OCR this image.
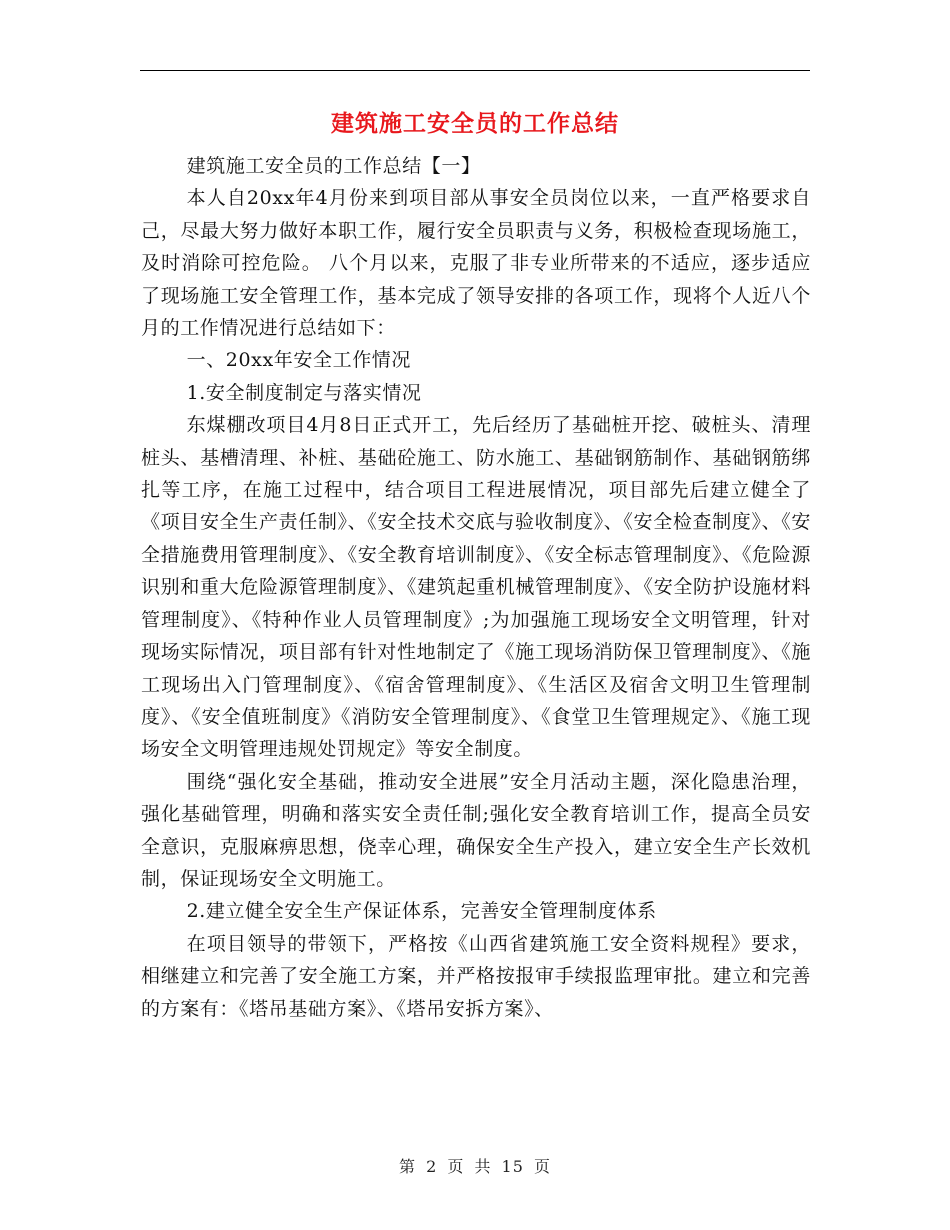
建筑施工安全员的工作总结

建筑施工安全员的工作总结【一】

本人自20xx年4月份来到项目部从事安全员岗位以来，一直严格要求自己，尽最大努力做好本职工作，履行安全员职责与义务，积极检查现场施工，及时消除可控危险。 八个月以来，克服了非专业所带来的不适应，逐步适应了现场施工安全管理工作，基本完成了领导安排的各项工作，现将个人近八个月的工作情况进行总结如下：

一、20xx年安全工作情况

1.安全制度制定与落实情况

东煤棚改项目4月8日正式开工，先后经历了基础桩开挖、破桩头、清理桩头、基槽清理、补桩、基础砼施工、防水施工、基础钢筋制作、基础钢筋绑扎等工序，在施工过程中，结合项目工程进展情况，项目部先后建立健全了《项目安全生产责任制》、《安全技术交底与验收制度》、《安全检查制度》、《安全措施费用管理制度》、《安全教育培训制度》、《安全标志管理制度》、《危险源识别和重大危险源管理制度》、《建筑起重机械管理制度》、《安全防护设施材料管理制度》、《特种作业人员管理制度》;为加强施工现场安全文明管理，针对现场实际情况，项目部有针对性地制定了《施工现场消防保卫管理制度》、《施工现场出入门管理制度》、《宿舍管理制度》、《生活区及宿舍文明卫生管理制度》、《安全值班制度》《消防安全管理制度》、《食堂卫生管理规定》、《施工现场安全文明管理违规处罚规定》等安全制度。

围绕“强化安全基础，推动安全进展”安全月活动主题，深化隐患治理，强化基础管理，明确和落实安全责任制;强化安全教育培训工作，提高全员安全意识，克服麻痹思想，侥幸心理，确保安全生产投入，建立安全生产长效机制，保证现场安全文明施工。

2.建立健全安全生产保证体系，完善安全管理制度体系

在项目领导的带领下，严格按《山西省建筑施工安全资料规程》要求，相继建立和完善了安全施工方案，并严格按报审手续报监理审批。建立和完善的方案有：《塔吊基础方案》、《塔吊安拆方案》、

第 2 页 共 15 页
